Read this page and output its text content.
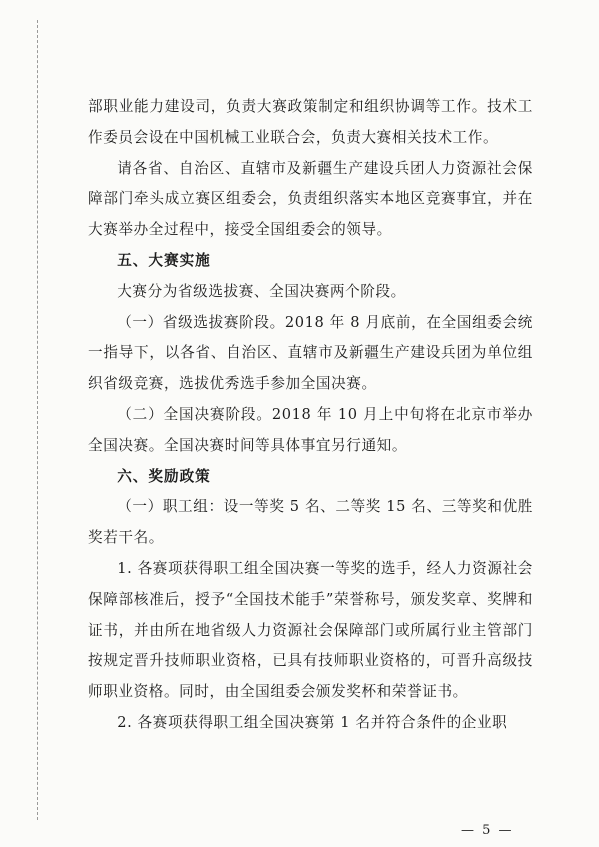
部职业能力建设司，负责大赛政策制定和组织协调等工作。技术工作委员会设在中国机械工业联合会，负责大赛相关技术工作。

请各省、自治区、直辖市及新疆生产建设兵团人力资源社会保障部门牵头成立赛区组委会，负责组织落实本地区竞赛事宜，并在大赛举办全过程中，接受全国组委会的领导。

五、大赛实施

大赛分为省级选拔赛、全国决赛两个阶段。

（一）省级选拔赛阶段。2018 年 8 月底前，在全国组委会统一指导下，以各省、自治区、直辖市及新疆生产建设兵团为单位组织省级竞赛，选拔优秀选手参加全国决赛。

（二）全国决赛阶段。2018 年 10 月上中旬将在北京市举办全国决赛。全国决赛时间等具体事宜另行通知。

六、奖励政策

（一）职工组：设一等奖 5 名、二等奖 15 名、三等奖和优胜奖若干名。

1. 各赛项获得职工组全国决赛一等奖的选手，经人力资源社会保障部核准后，授予“全国技术能手”荣誉称号，颁发奖章、奖牌和证书，并由所在地省级人力资源社会保障部门或所属行业主管部门按规定晋升技师职业资格，已具有技师职业资格的，可晋升高级技师职业资格。同时，由全国组委会颁发奖杯和荣誉证书。

2. 各赛项获得职工组全国决赛第 1 名并符合条件的企业职

— 5 —
